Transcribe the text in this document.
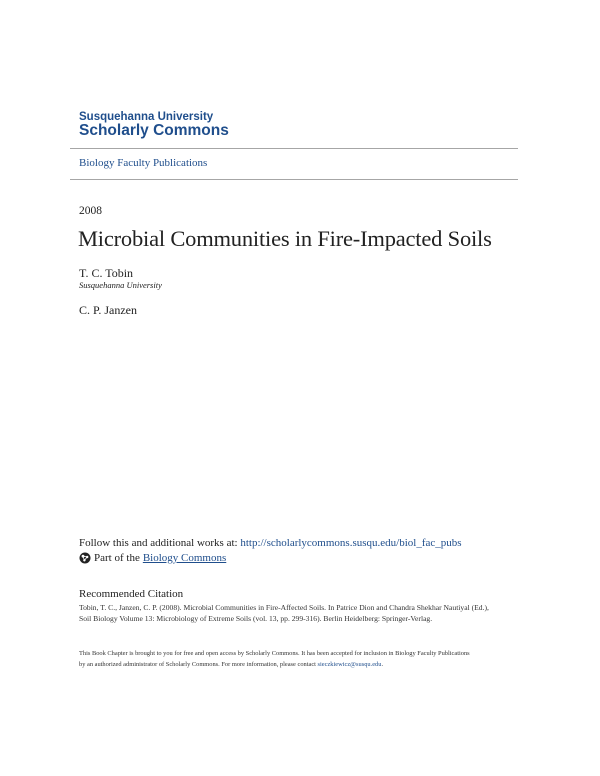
Susquehanna University
Scholarly Commons
Biology Faculty Publications
2008
Microbial Communities in Fire-Impacted Soils
T. C. Tobin
Susquehanna University
C. P. Janzen
Follow this and additional works at: http://scholarlycommons.susqu.edu/biol_fac_pubs
Part of the Biology Commons
Recommended Citation
Tobin, T. C., Janzen, C. P. (2008). Microbial Communities in Fire-Affected Soils. In Patrice Dion and Chandra Shekhar Nautiyal (Ed.),
Soil Biology Volume 13: Microbiology of Extreme Soils (vol. 13, pp. 299-316). Berlin Heidelberg: Springer-Verlag.
This Book Chapter is brought to you for free and open access by Scholarly Commons. It has been accepted for inclusion in Biology Faculty Publications
by an authorized administrator of Scholarly Commons. For more information, please contact sieczkiewicz@susqu.edu.
